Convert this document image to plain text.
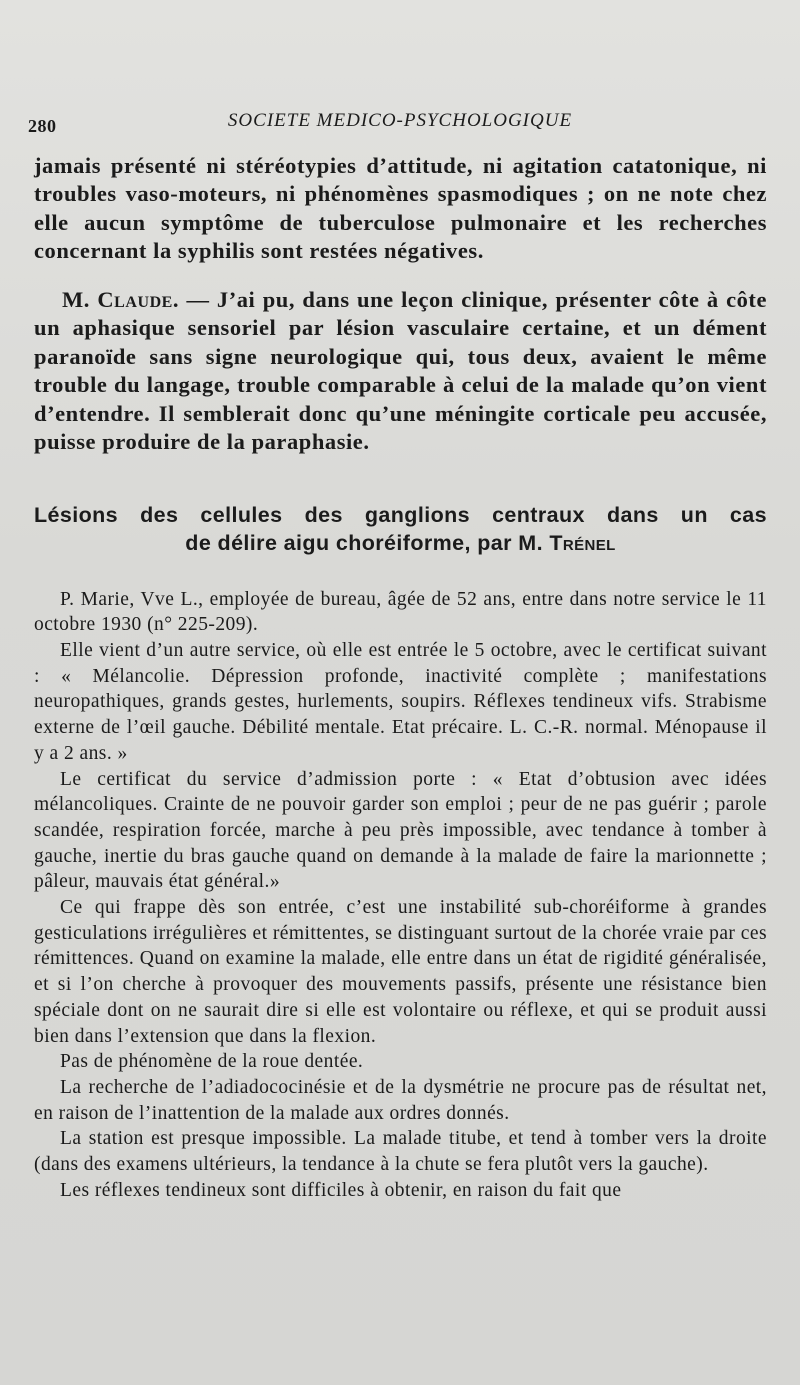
280	SOCIETE MEDICO-PSYCHOLOGIQUE

jamais présenté ni stéréotypies d’attitude, ni agitation catatonique, ni troubles vaso-moteurs, ni phénomènes spasmodiques ; on ne note chez elle aucun symptôme de tuberculose pulmonaire et les recherches concernant la syphilis sont restées négatives.

M. Claude. — J’ai pu, dans une leçon clinique, présenter côte à côte un aphasique sensoriel par lésion vasculaire certaine, et un dément paranoïde sans signe neurologique qui, tous deux, avaient le même trouble du langage, trouble comparable à celui de la malade qu’on vient d’entendre. Il semblerait donc qu’une méningite corticale peu accusée, puisse produire de la paraphasie.

Lésions des cellules des ganglions centraux dans un cas
de délire aigu choréiforme, par M. Trénel

P. Marie, Vve L., employée de bureau, âgée de 52 ans, entre dans notre service le 11 octobre 1930 (n° 225-209).

Elle vient d’un autre service, où elle est entrée le 5 octobre, avec le certificat suivant : « Mélancolie. Dépression profonde, inactivité complète ; manifestations neuropathiques, grands gestes, hurlements, soupirs. Réflexes tendineux vifs. Strabisme externe de l’œil gauche. Débilité mentale. Etat précaire. L. C.-R. normal. Ménopause il y a 2 ans. »

Le certificat du service d’admission porte : « Etat d’obtusion avec idées mélancoliques. Crainte de ne pouvoir garder son emploi ; peur de ne pas guérir ; parole scandée, respiration forcée, marche à peu près impossible, avec tendance à tomber à gauche, inertie du bras gauche quand on demande à la malade de faire la marionnette ; pâleur, mauvais état général.»

Ce qui frappe dès son entrée, c’est une instabilité sub-choréiforme à grandes gesticulations irrégulières et rémittentes, se distinguant surtout de la chorée vraie par ces rémittences. Quand on examine la malade, elle entre dans un état de rigidité généralisée, et si l’on cherche à provoquer des mouvements passifs, présente une résistance bien spéciale dont on ne saurait dire si elle est volontaire ou réflexe, et qui se produit aussi bien dans l’extension que dans la flexion.

Pas de phénomène de la roue dentée.

La recherche de l’adiadococinésie et de la dysmétrie ne procure pas de résultat net, en raison de l’inattention de la malade aux ordres donnés.

La station est presque impossible. La malade titube, et tend à tomber vers la droite (dans des examens ultérieurs, la tendance à la chute se fera plutôt vers la gauche).

Les réflexes tendineux sont difficiles à obtenir, en raison du fait que
